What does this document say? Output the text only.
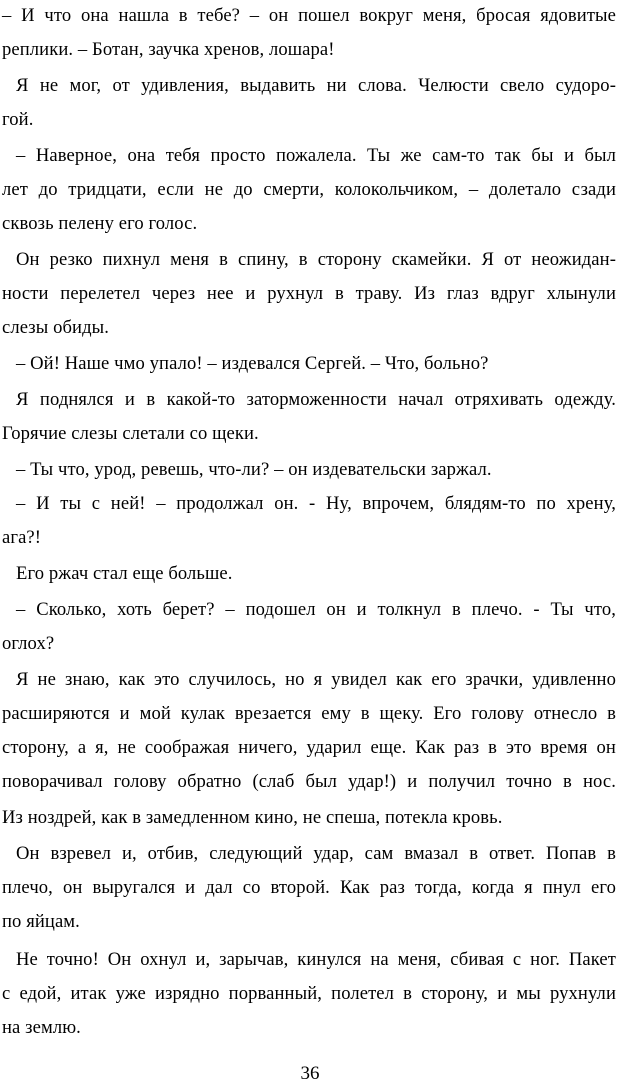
– И что она нашла в тебе? – он пошел вокруг меня, бросая ядовитые
реплики. – Ботан, заучка хренов, лошара!
Я не мог, от удивления, выдавить ни слова. Челюсти свело судоро-
гой.
– Наверное, она тебя просто пожалела. Ты же сам-то так бы и был
лет до тридцати, если не до смерти, колокольчиком, – долетало сзади
сквозь пелену его голос.
Он резко пихнул меня в спину, в сторону скамейки. Я от неожидан-
ности перелетел через нее и рухнул в траву. Из глаз вдруг хлынули
слезы обиды.
– Ой! Наше чмо упало! – издевался Сергей. – Что, больно?
Я поднялся и в какой-то заторможенности начал отряхивать одежду.
Горячие слезы слетали со щеки.
– Ты что, урод, ревешь, что-ли? – он издевательски заржал.
– И ты с ней! – продолжал он. - Ну, впрочем, блядям-то по хрену,
ага?!
Его ржач стал еще больше.
– Сколько, хоть берет? – подошел он и толкнул в плечо. - Ты что,
оглох?
Я не знаю, как это случилось, но я увидел как его зрачки, удивленно
расширяются и мой кулак врезается ему в щеку. Его голову отнесло в
сторону, а я, не соображая ничего, ударил еще. Как раз в это время он
поворачивал голову обратно (слаб был удар!) и получил точно в нос.
Из ноздрей, как в замедленном кино, не спеша, потекла кровь.
Он взревел и, отбив, следующий удар, сам вмазал в ответ. Попав в
плечо, он выругался и дал со второй. Как раз тогда, когда я пнул его
по яйцам.
Не точно! Он охнул и, зарычав, кинулся на меня, сбивая с ног. Пакет
с едой, итак уже изрядно порванный, полетел в сторону, и мы рухнули
на землю.
36
